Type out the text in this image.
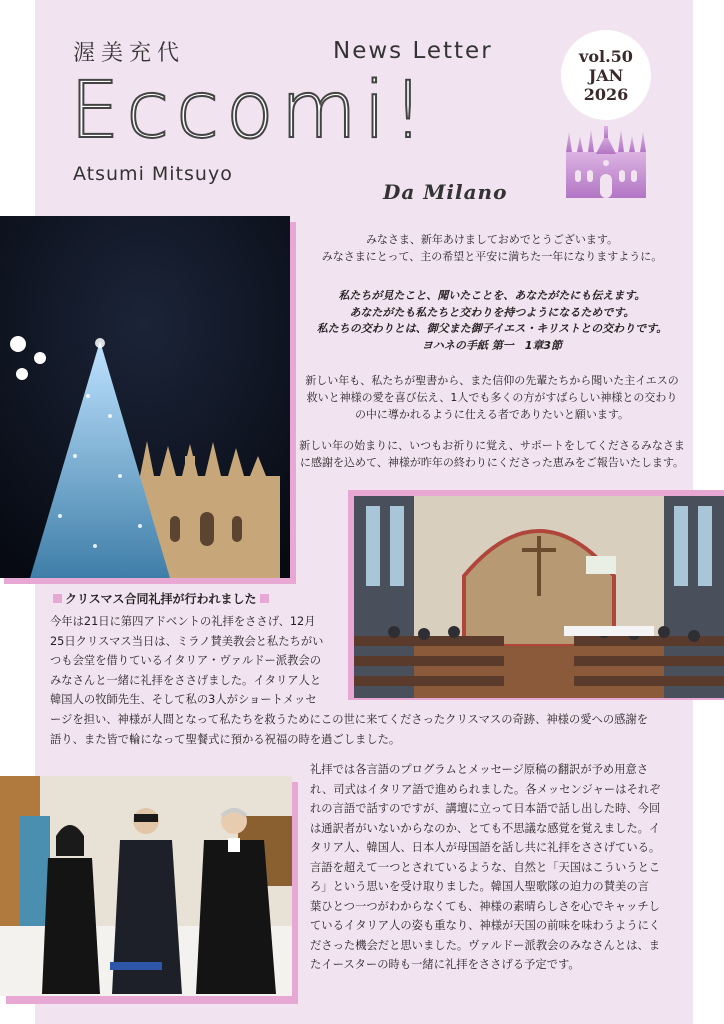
渥美充代	News Letter
Eccomi!
Atsumi Mitsuyo
Da Milano
vol.50
JAN
2026

みなさま、新年あけましておめでとうございます。

みなさまにとって、主の希望と平安に満ちた一年になりますように。

私たちが見たこと、聞いたことを、あなたがたにも伝えます。
あなたがたも私たちと交わりを持つようになるためです。
私たちの交わりとは、御父また御子イエス・キリストとの交わりです。
ヨハネの手紙 第一　1章3節
新しい年も、私たちが聖書から、また信仰の先輩たちから聞いた主イエスの
救いと神様の愛を喜び伝え、1人でも多くの方がすばらしい神様との交わり
の中に導かれるように仕える者でありたいと願います。
新しい年の始まりに、いつもお祈りに覚え、サポートをしてくださるみなさま
に感謝を込めて、神様が昨年の終わりにくださった恵みをご報告いたします。
クリスマス合同礼拝が行われました
今年は21日に第四アドベントの礼拝をささげ、12月
25日クリスマス当日は、ミラノ賛美教会と私たちがい
つも会堂を借りているイタリア・ヴァルドー派教会の
みなさんと一緒に礼拝をささげました。イタリア人と
韓国人の牧師先生、そして私の3人がショートメッセ
ージを担い、神様が人間となって私たちを救うためにこの世に来てくださったクリスマスの奇跡、神様の愛への感謝を
語り、また皆で輪になって聖餐式に預かる祝福の時を過ごしました。
礼拝では各言語のプログラムとメッセージ原稿の翻訳が予め用意さ
れ、司式はイタリア語で進められました。各メッセンジャーはそれぞ
れの言語で話すのですが、講壇に立って日本語で話し出した時、今回
は通訳者がいないからなのか、とても不思議な感覚を覚えました。イ
タリア人、韓国人、日本人が母国語を話し共に礼拝をささげている。
言語を超えて一つとされているような、自然と「天国はこういうとこ
ろ」という思いを受け取りました。韓国人聖歌隊の迫力の賛美の言
葉ひとつ一つがわからなくても、神様の素晴らしさを心でキャッチし
ているイタリア人の姿も重なり、神様が天国の前味を味わうようにく
ださった機会だと思いました。ヴァルドー派教会のみなさんとは、ま
たイースターの時も一緒に礼拝をささげる予定です。
